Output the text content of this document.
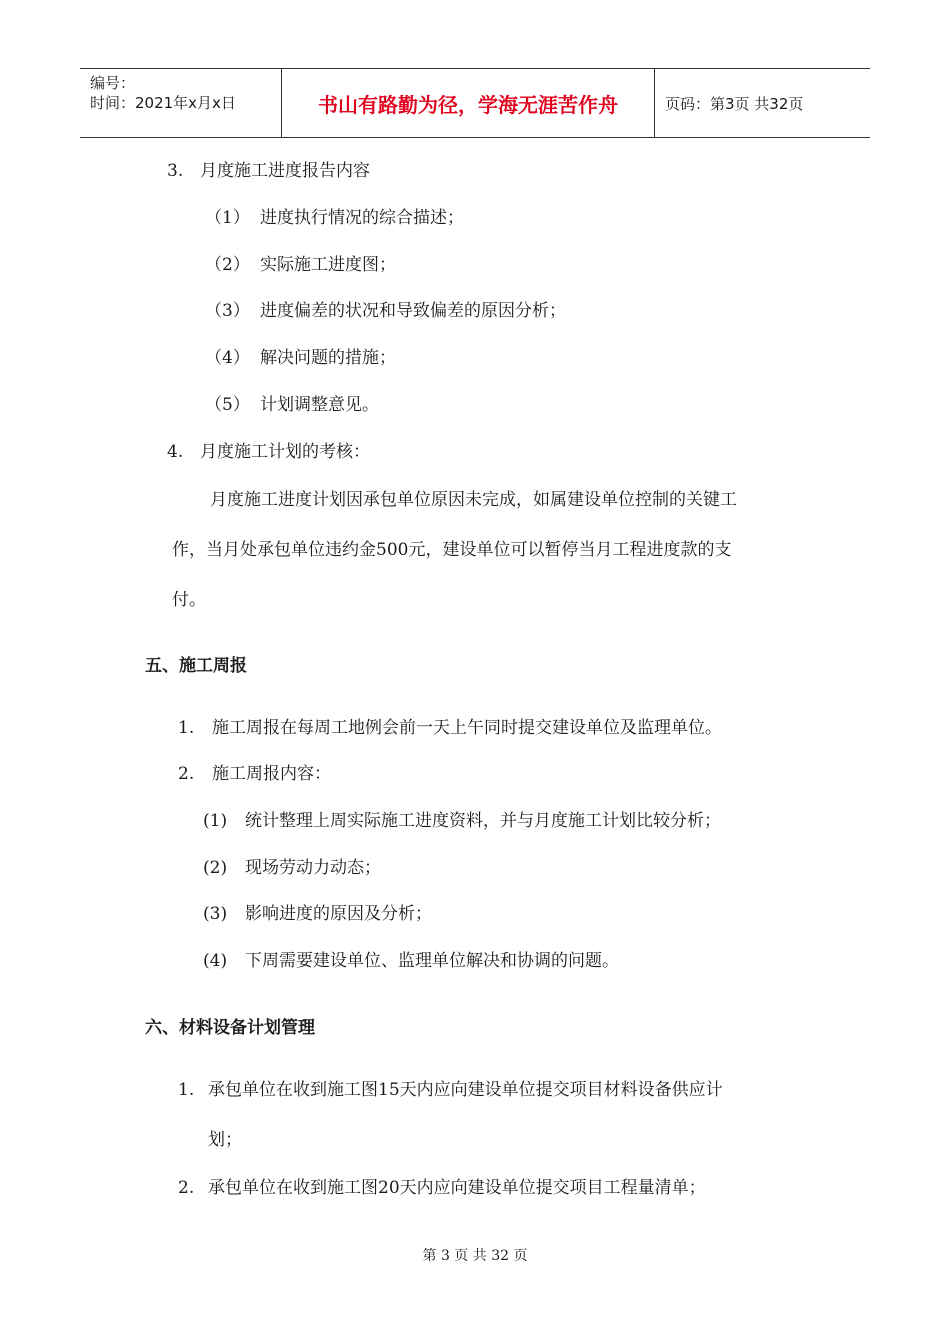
编号：
时间：2021年x月x日	书山有路勤为径，学海无涯苦作舟	页码：第3页 共32页
3. 月度施工进度报告内容
（1） 进度执行情况的综合描述；
（2） 实际施工进度图；
（3） 进度偏差的状况和导致偏差的原因分析；
（4） 解决问题的措施；
（5） 计划调整意见。
4. 月度施工计划的考核：
月度施工进度计划因承包单位原因未完成，如属建设单位控制的关键工
作，当月处承包单位违约金500元，建设单位可以暂停当月工程进度款的支
付。
五、施工周报
1. 施工周报在每周工地例会前一天上午同时提交建设单位及监理单位。
2. 施工周报内容：
(1) 统计整理上周实际施工进度资料，并与月度施工计划比较分析；
(2) 现场劳动力动态；
(3) 影响进度的原因及分析；
(4) 下周需要建设单位、监理单位解决和协调的问题。
六、材料设备计划管理
1. 承包单位在收到施工图15天内应向建设单位提交项目材料设备供应计
划；
2. 承包单位在收到施工图20天内应向建设单位提交项目工程量清单；
第 3 页 共 32 页
